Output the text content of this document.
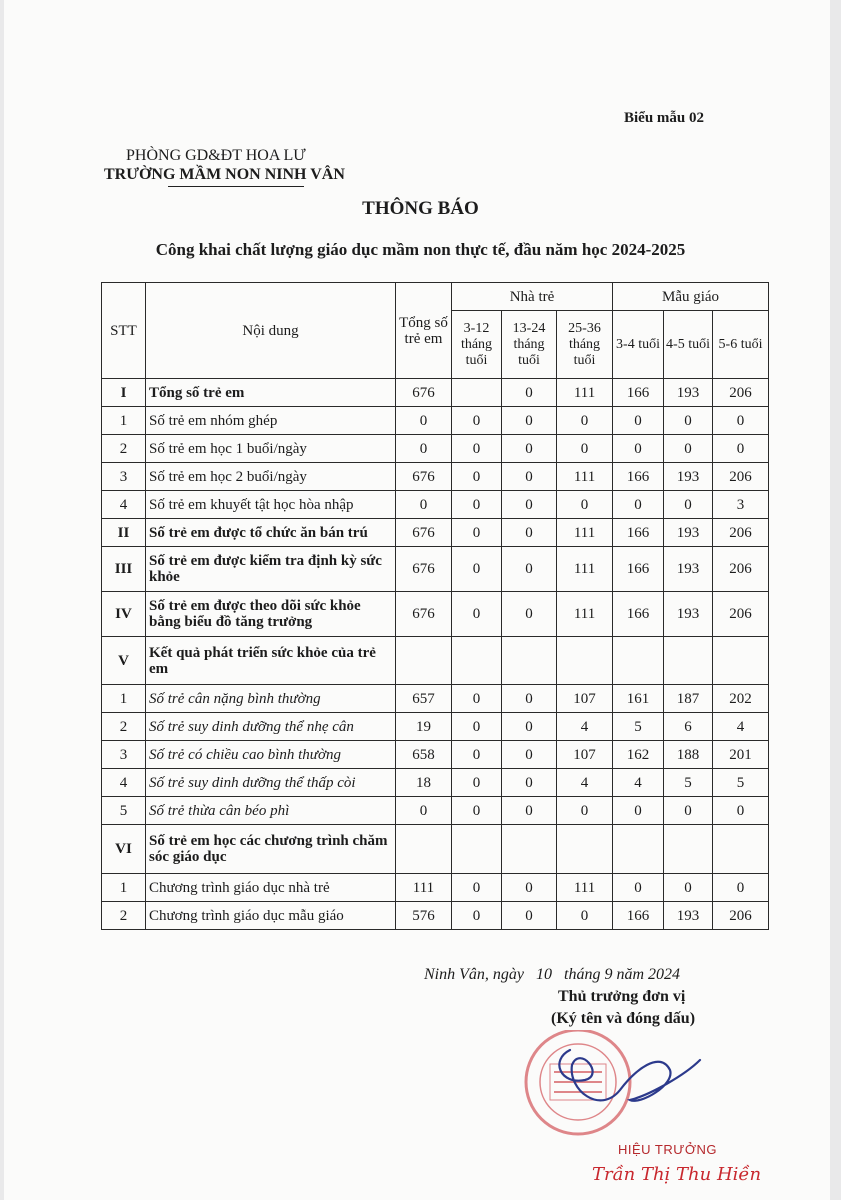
Biểu mẫu 02
PHÒNG GD&ĐT HOA LƯ
TRƯỜNG MẦM NON NINH VÂN
THÔNG BÁO
Công khai chất lượng giáo dục mầm non thực tế, đầu năm học 2024-2025
STT	Nội dung	Tổng số trẻ em	Nhà trẻ			Mẫu giáo		
			3-12 tháng tuổi	13-24 tháng tuổi	25-36 tháng tuổi	3-4 tuổi	4-5 tuổi	5-6 tuổi
I	Tổng số trẻ em	676		0	111	166	193	206
1	Số trẻ em nhóm ghép	0	0	0	0	0	0	0
2	Số trẻ em học 1 buổi/ngày	0	0	0	0	0	0	0
3	Số trẻ em học 2 buổi/ngày	676	0	0	111	166	193	206
4	Số trẻ em khuyết tật học hòa nhập	0	0	0	0	0	0	3
II	Số trẻ em được tổ chức ăn bán trú	676	0	0	111	166	193	206
III	Số trẻ em được kiểm tra định kỳ sức khỏe	676	0	0	111	166	193	206
IV	Số trẻ em được theo dõi sức khỏe bằng biểu đồ tăng trưởng	676	0	0	111	166	193	206
V	Kết quả phát triển sức khỏe của trẻ em							
1	Số trẻ cân nặng bình thường	657	0	0	107	161	187	202
2	Số trẻ suy dinh dưỡng thể nhẹ cân	19	0	0	4	5	6	4
3	Số trẻ có chiều cao bình thường	658	0	0	107	162	188	201
4	Số trẻ suy dinh dưỡng thể thấp còi	18	0	0	4	4	5	5
5	Số trẻ thừa cân béo phì	0	0	0	0	0	0	0
VI	Số trẻ em học các chương trình chăm sóc giáo dục							
1	Chương trình giáo dục nhà trẻ	111	0	0	111	0	0	0
2	Chương trình giáo dục mẫu giáo	576	0	0	0	166	193	206
Ninh Vân, ngày   10   tháng 9 năm 2024
Thủ trưởng đơn vị
(Ký tên và đóng dấu)
HIỆU TRƯỞNG
Trần Thị Thu Hiền
